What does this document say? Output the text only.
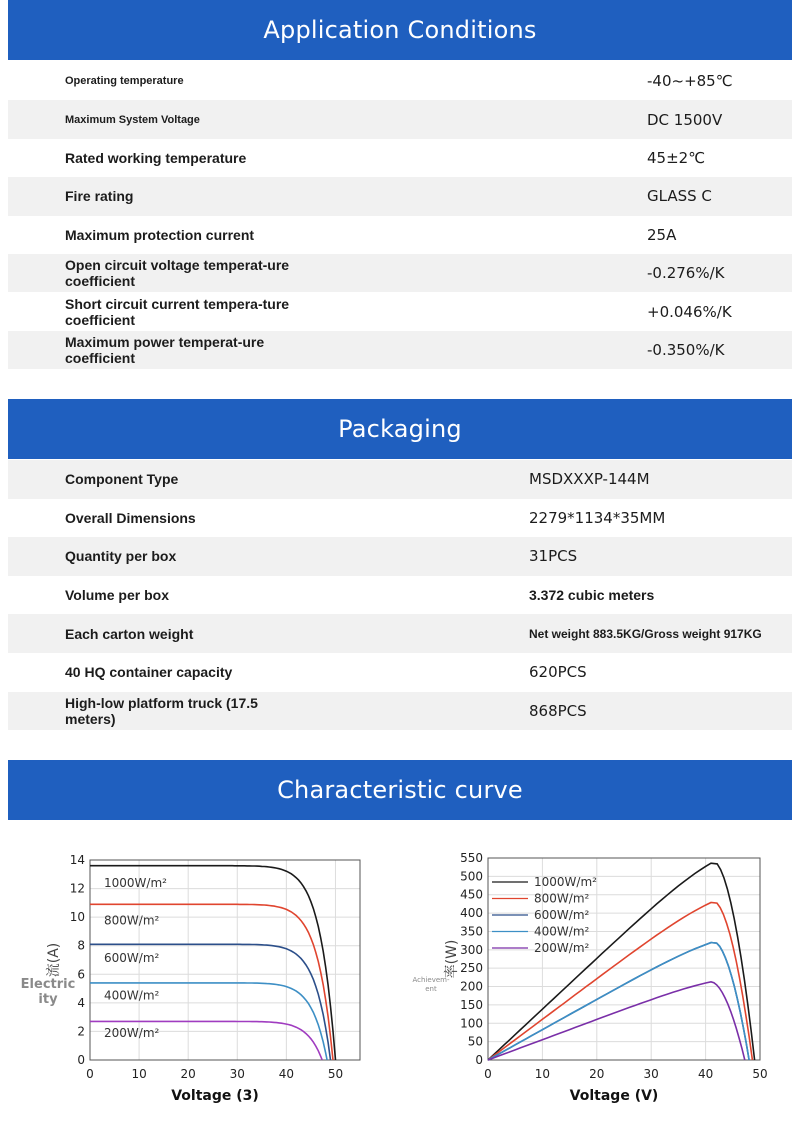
Application Conditions
Operating temperature	-40~+85℃
Maximum System Voltage	DC 1500V
Rated working temperature	45±2℃
Fire rating	GLASS C
Maximum protection current	25A
Open circuit voltage temperat-ure coefficient	-0.276%/K
Short circuit current tempera-ture coefficient	+0.046%/K
Maximum power temperat-ure coefficient	-0.350%/K
Packaging
Component Type	MSDXXXP-144M
Overall Dimensions	2279*1134*35MM
Quantity per box	31PCS
Volume per box	3.372 cubic meters
Each carton weight	Net weight 883.5KG/Gross weight 917KG
40 HQ container capacity	620PCS
High-low platform truck (17.5 meters)	868PCS
Characteristic curve
0
2
4
6
8
10
12
14
0	10	20	30	40	50
1000W/m²
800W/m²
600W/m²
400W/m²
200W/m²
Voltage (3)
流(A)
Electric ity
0
50
100
150
200
250
300
350
400
450
500
550
0	10	20	30	40	50
1000W/m²
800W/m²
600W/m²
400W/m²
200W/m²
Voltage (V)
率(W)
Achievem-ent
